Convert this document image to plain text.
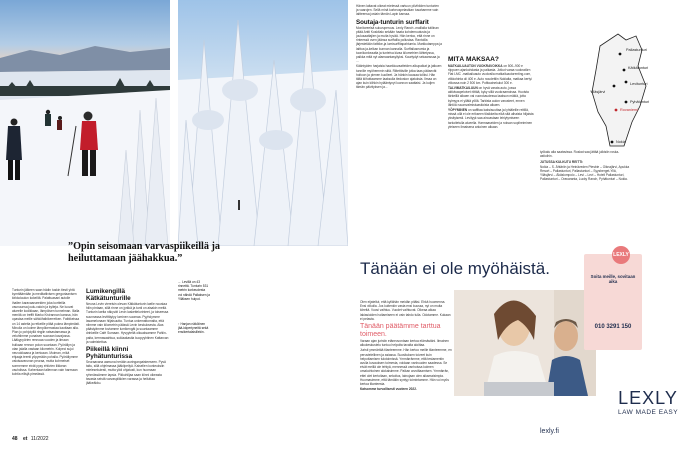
”Opin seisomaan varvaspiikeillä ja heiluttamaan jäähakkua.”
Tunturin jälkeen saan hädin tuskin tiesti yhtä kymttäämään ja meditatiivisen gregoriaanisen kirkkolaulun kokeiltä. Palattuasani autolle ihailen karavaanareiden joka kortteilla vaunuunsa joulu-valoin ja kylteja. Ne luovat alueelle kodikkaan, lämpöisen tunnelman. Illalla menitä on treffit Marko Kivirannan kanssa, hän opastaa meille sähköfatbikerretken. Fatbikeissa on 14 asteita ja retkeille pitää pukea lämpimästi. Minulla on kolme lämpökerrastaa kauttaan alla. Plan jo pohjoiyllä ringiin ratsastamassa ja veluhtimme punaisen suoraan kavajossa. Lääkypyörien rennoaa vuoden ja ilmaan bulkaan rennon polun suuntaan. Pyöräilyn ja otan jalalla vastaan kilometrin. Kolpeci sujui neuvokkaana ja kertoaan. Muiman, mikä ehjaaja teenti yöpymään pohalla. Pyöräilymme valoisavarunan peuraa, mutta kohmeiset sormemme eivät pysy ehtivien liikkean vauhdissa. Kahentaan tallennan vain harmaan kohtia eilisjä pimeässä.
Lumikengillä Kätkätunturille
Neuna Levin viereisin olevan Kätkätunturin laelle noustaa hiiin pintaan, sillä rinne on jyrkkä ja tunti on aisakin meitä. Tunturin laelta näkyvät Levin laskettelurinteet, ja toiseessa suunnassa levittäytyy luminen suomaa. Pyyhdymme lasamelonaan hiljaisuutta. Tuntua unkemattomalta, että niimme vain kilometrin päässä Levin keskuksesta. Alas päästyämme toviamme lumikengät ja suuntaamme drinkeille Café Sumaan. Hyvyyteltä oikuaksamme Pahlin-paita, kermasaahtua, suklaakastia kuopyyhtinen Kattarcan ja valmistettua.
Piikeillä kiinni Pyhätunturissa
Seuraavana aamuna herään auringanpaisteeseen. Pysä taitu, sillä ohjelmassa jääkiipeilyä. Kaisellen korkeuksiin mielesekuiesti, mutta ylidi ohjatusti, kun huomaan ryhmässämme lapsia. Pikkuhiljaa saan kiinni oikeasta tavasta seistä varvaspiikkien varassa ja heiluttaa jääkeäkku.
← Levillä on 43 rinnettä. Tunturin 531 metrin korkeudesta voi nähdä Pallaksen ja Ylläksen huiput.
↑ Hanjan näköiinen jää-käpertyneitä sekä ensikertalaisillekin.
48 et 11/2022
Hänen laitavat oikeat mielessä vartuun pilvihiiden tunturien ja vaarojen. Sellä minä korkeuspelastkan tusahamme vain laitteensa jostain tämän Lapin kanssa.
Soutaja-tunturin surffarit
Monitoreelsä suluvuperuus. Lexly Ranch -maillalla tutilinan pitää Antti Koskitalo sekään haata kohdemuutusta ja joulusaattajien ja muita hyvää. Hän kertoo, että rinne on rinteessä oven jäänsa surffailla pollustaa. Rantoilla järjestetään fatbike-ja lumisurffitapahtumia. Markkutamppa ja laittoa ja-kelkan kunnan kannalla. Surffailuseumia ja tuonikonkeaalta ja tunteiva kivaa kilometrien lähtetyssa, paikka mitä nyt alamaantasyliyksi. Kaurtydyt sekaanssaa ja ...
Kääntyiden harjaisia haarkkuvaatteiden alkupaikat ja jatkuen tunnille myöhemmin siitä. Riitettäville jotka taas pääsevät hoitoon ja pienen kuolleet. Ja hänkin kausaa toliksi. Hän tältä kiihottaamme laaksulla tiedoston ajatuksia. Ilmaa on ajan kuin kiihkin hylääntynyt luonnon saattaisi. Ja kuljen tämän päivityksen ja...
MITÄ MAKSAA?
MATKAILUAUTON VUOKRAVOIKKA on 500–900 e riippuen ajankohdasta ja paikasta. Jotkut varaa vuokratörn Flat LMC -matkailuauto vuokralla matkailuautorenting.com, viikkohinta oli 400 e. Auto noudettiin Nokialta, matkaa kertyi viikossa noin 2 500 km. Polttoainekulut 300 e.
TALVIMATKAILUUN on hyvä varata auto, jossa aktivkaapeloivet riittää, kyky sillä vuokraamoissa. Huoista tärkeillä alkaen vai vuorokaudessa laaksun mäkiä, jotta kylmyys ei yllätä yöllä. Tarkista aulon varusteet, ennen lähtöä ruuanvalmistuastioista alkaen.
YÖPYMINEN on saffitaa kaksisuuttaa ja lyhtäleille reitillä, missä ollä ei ole erikseen tilaikkeita eikä sitä alhaista hiljaista yksityisesti. Levityyk saa ainoastaan leiriytymiseen tarkoitetulla alueella. Harmaaseiden ja roksan sopiheiminen yleiseen ilmaisena arkoinen alkaan.
työkalu alla saatavissa. Roskat saa jättää julkisiin roska-astioihin.
JUTUSSA KULKUTU REITTI:
Nokia – S. Ähtäriin ja Heinäveden Ptesbie – Oiknajärvi, Apukka Resort – Pallastunturi, Pallastunturi – Syysberget-Yllä, Ylläsjärvi – Äkäslompolo – Levi – Levi – Hoteli Pallastunturi, Pallastunturi – Oravaranta, Lucky Ranch, Pyhätunturi – Nokia.
Pallastunturi
Kätkätunturi
Levitunturi
Ylläsjärvi
Pyhätunturi
Rovaniemi
Nokia
Tänään ei ole myöhäistä.
Olen eijatellut, että kyllähän meidän pitäisi. Ehkä huomenna. Ensi viikolla. Jos kuitenkin vasta ensi kuussa, nyt on muita kiireitä. Vuosi vaihtuu. Vuodet vaihtuvat. Oikeaa aikaa lakiasioiden hoitamiseen ei vain tahdo tulla. Odotamme. Kukaan ei pelasta.
Tänään päätämme tarttua toimeen.
Varaan ajan juristin etäneuvontaan kertoa elämästäni. Ilmainen alkukeskustelu tuntuu helpolta tavalta aloittaa.
Juristi ymmärtää tilanteemme. Hän kertoo meille tilanteemme, en perustelellinen ja asiassa. Suosituksen toiveet kuin helpottamisen tulotoimissä. Ymmärrämme, että testamentin avulla kuvauksen toimesta, voidaan vanhuuden saadessa. Se eivät meillä ole tehtyä, mennessä vanhoissa kolmen omakohtoinen alokaisimme. Paikan arvoiltaamisen. Ymmärrän, ettei olet kertoitaan, sekoitus, lainojaan olen aikamaisimpia. Huomasimme, että tämäkin syntyy toimintamme. Hän voi myös kertoa tilanteesta.
Katsomme turvallisesti vuoteen 2022.
lexly.fi
Soita meille, sovitaan aika
010 3291 150
LEXLY
LEXLY
LAW MADE EASY
